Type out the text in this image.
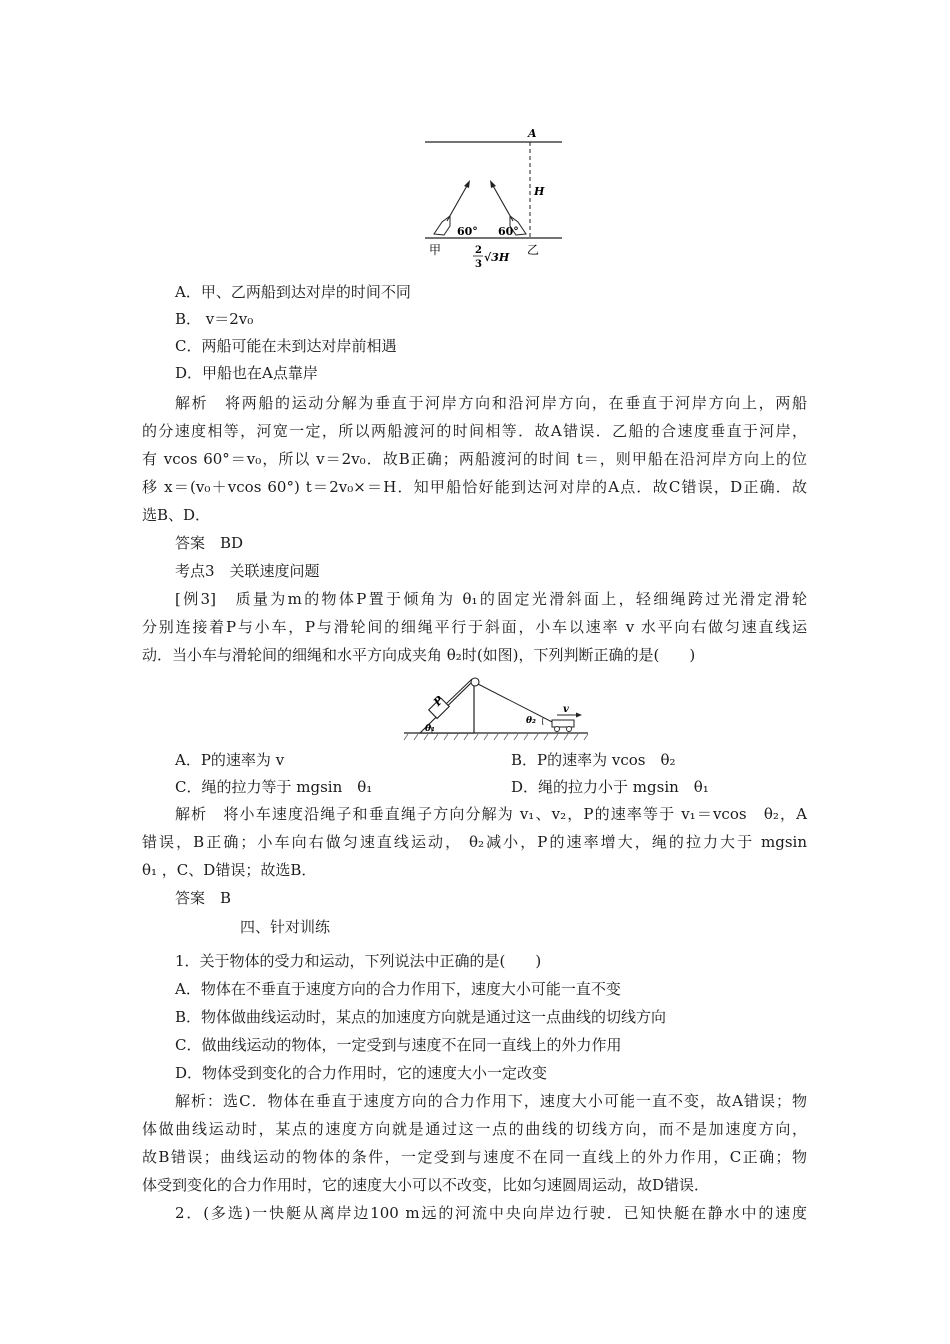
A
H
60° 60°
甲	乙
2
3
√3H
A．甲、乙两船到达对岸的时间不同
B． v＝2v₀
C．两船可能在未到达对岸前相遇
D．甲船也在A点靠岸
解析　将两船的运动分解为垂直于河岸方向和沿河岸方向，在垂直于河岸方向上，两船
的分速度相等，河宽一定，所以两船渡河的时间相等．故A错误．乙船的合速度垂直于河岸，
有 vcos 60°＝v₀，所以 v＝2v₀．故B正确；两船渡河的时间 t＝，则甲船在沿河岸方向上的位
移 x＝(v₀＋vcos 60°) t＝2v₀×＝H．知甲船恰好能到达河对岸的A点．故C错误，D正确．故
选B、D．
答案　BD
考点3　关联速度问题
[例3]　质量为m的物体P置于倾角为 θ₁的固定光滑斜面上，轻细绳跨过光滑定滑轮
分别连接着P与小车，P与滑轮间的细绳平行于斜面，小车以速率 v 水平向右做匀速直线运
动．当小车与滑轮间的细绳和水平方向成夹角 θ₂时(如图)，下列判断正确的是(　　)
P
θ₁
θ₂
v
A．P的速率为 v	B．P的速率为 vcos　θ₂
C．绳的拉力等于 mgsin　θ₁	D．绳的拉力小于 mgsin　θ₁
解析　将小车速度沿绳子和垂直绳子方向分解为 v₁、v₂，P的速率等于 v₁＝vcos　θ₂，A
错误，B正确；小车向右做匀速直线运动， θ₂减小，P的速率增大，绳的拉力大于 mgsin
θ₁ ，C、D错误；故选B．
答案　B
四、针对训练
1．关于物体的受力和运动，下列说法中正确的是(　　)
A．物体在不垂直于速度方向的合力作用下，速度大小可能一直不变
B．物体做曲线运动时，某点的加速度方向就是通过这一点曲线的切线方向
C．做曲线运动的物体，一定受到与速度不在同一直线上的外力作用
D．物体受到变化的合力作用时，它的速度大小一定改变
解析：选C．物体在垂直于速度方向的合力作用下，速度大小可能一直不变，故A错误；物
体做曲线运动时，某点的速度方向就是通过这一点的曲线的切线方向，而不是加速度方向，
故B错误；曲线运动的物体的条件，一定受到与速度不在同一直线上的外力作用，C正确；物
体受到变化的合力作用时，它的速度大小可以不改变，比如匀速圆周运动，故D错误．
2．(多选)一快艇从离岸边100 m远的河流中央向岸边行驶．已知快艇在静水中的速度
